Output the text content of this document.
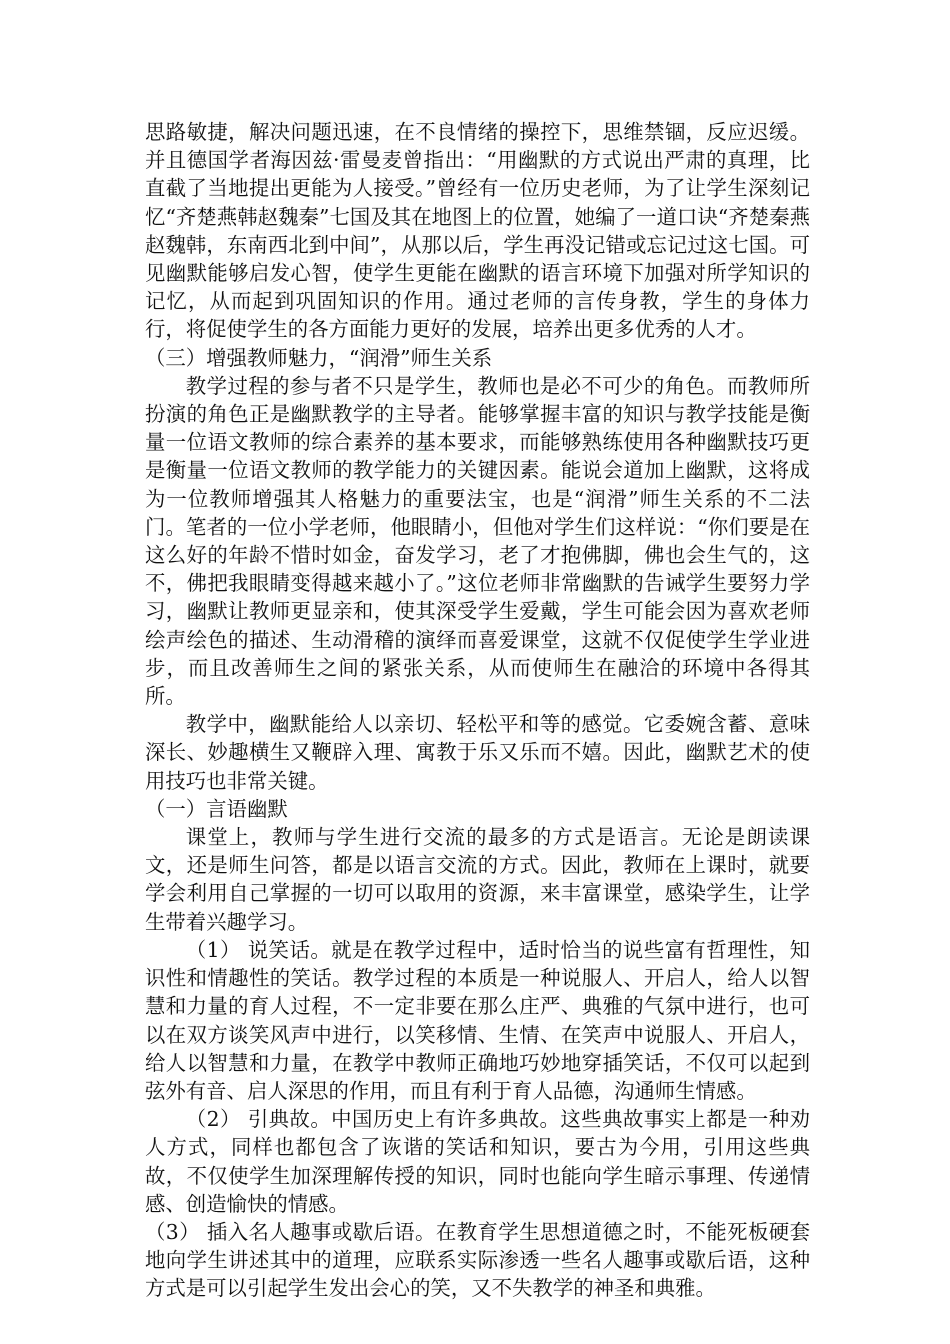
思路敏捷，解决问题迅速，在不良情绪的操控下，思维禁锢，反应迟缓。并且德国学者海因兹·雷曼麦曾指出：“用幽默的方式说出严肃的真理，比直截了当地提出更能为人接受。”曾经有一位历史老师，为了让学生深刻记忆“齐楚燕韩赵魏秦”七国及其在地图上的位置，她编了一道口诀“齐楚秦燕赵魏韩，东南西北到中间”，从那以后，学生再没记错或忘记过这七国。可见幽默能够启发心智，使学生更能在幽默的语言环境下加强对所学知识的记忆，从而起到巩固知识的作用。通过老师的言传身教，学生的身体力行，将促使学生的各方面能力更好的发展，培养出更多优秀的人才。

（三）增强教师魅力，“润滑”师生关系

教学过程的参与者不只是学生，教师也是必不可少的角色。而教师所扮演的角色正是幽默教学的主导者。能够掌握丰富的知识与教学技能是衡量一位语文教师的综合素养的基本要求，而能够熟练使用各种幽默技巧更是衡量一位语文教师的教学能力的关键因素。能说会道加上幽默，这将成为一位教师增强其人格魅力的重要法宝，也是“润滑”师生关系的不二法门。笔者的一位小学老师，他眼睛小，但他对学生们这样说：“你们要是在这么好的年龄不惜时如金，奋发学习，老了才抱佛脚，佛也会生气的，这不，佛把我眼睛变得越来越小了。”这位老师非常幽默的告诫学生要努力学习，幽默让教师更显亲和，使其深受学生爱戴，学生可能会因为喜欢老师绘声绘色的描述、生动滑稽的演绎而喜爱课堂，这就不仅促使学生学业进步，而且改善师生之间的紧张关系，从而使师生在融洽的环境中各得其所。

教学中，幽默能给人以亲切、轻松平和等的感觉。它委婉含蓄、意味深长、妙趣横生又鞭辟入理、寓教于乐又乐而不嬉。因此，幽默艺术的使用技巧也非常关键。

（一）言语幽默

课堂上，教师与学生进行交流的最多的方式是语言。无论是朗读课文，还是师生问答，都是以语言交流的方式。因此，教师在上课时，就要学会利用自己掌握的一切可以取用的资源，来丰富课堂，感染学生，让学生带着兴趣学习。

（1） 说笑话。就是在教学过程中，适时恰当的说些富有哲理性，知识性和情趣性的笑话。教学过程的本质是一种说服人、开启人，给人以智慧和力量的育人过程，不一定非要在那么庄严、典雅的气氛中进行，也可以在双方谈笑风声中进行，以笑移情、生情、在笑声中说服人、开启人，给人以智慧和力量，在教学中教师正确地巧妙地穿插笑话，不仅可以起到弦外有音、启人深思的作用，而且有利于育人品德，沟通师生情感。

（2） 引典故。中国历史上有许多典故。这些典故事实上都是一种劝人方式，同样也都包含了诙谐的笑话和知识，要古为今用，引用这些典故，不仅使学生加深理解传授的知识，同时也能向学生暗示事理、传递情感、创造愉快的情感。

（3） 插入名人趣事或歇后语。在教育学生思想道德之时，不能死板硬套地向学生讲述其中的道理，应联系实际渗透一些名人趣事或歇后语，这种方式是可以引起学生发出会心的笑，又不失教学的神圣和典雅。
